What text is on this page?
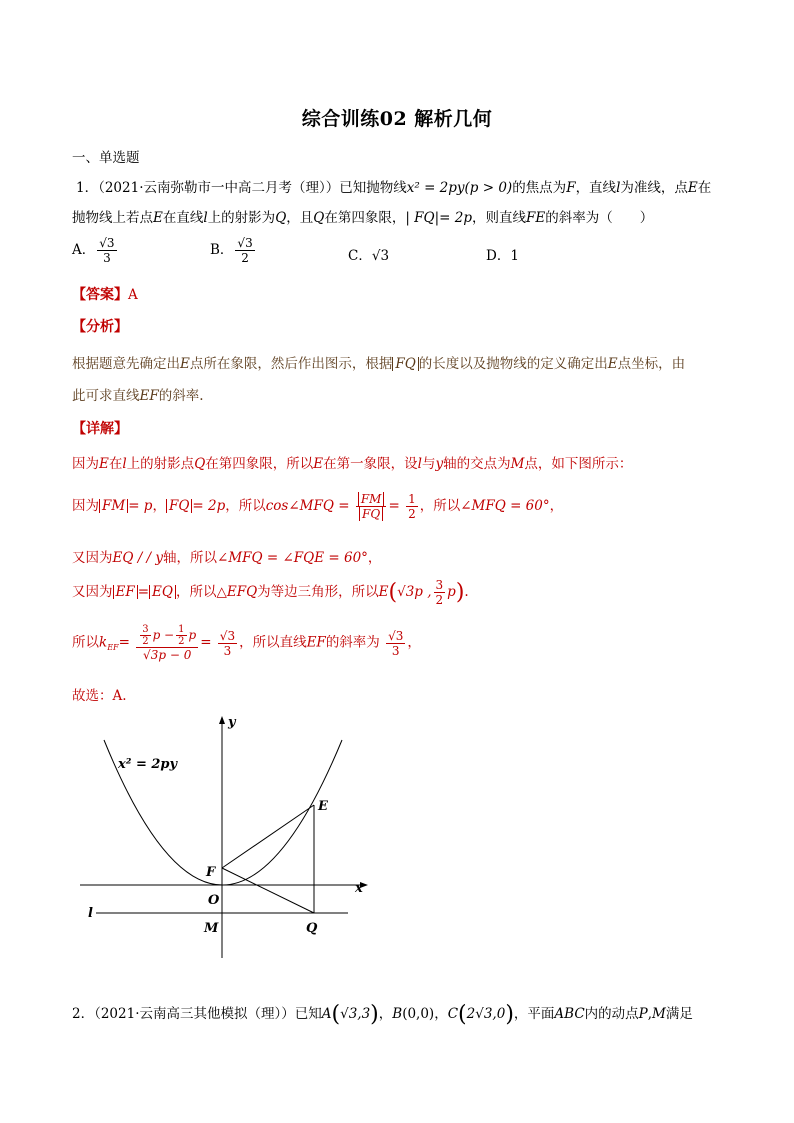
综合训练02 解析几何
一、单选题
1．（2021·云南弥勒市一中高二月考（理））已知抛物线x² = 2py(p > 0)的焦点为F，直线l为准线，点E在
抛物线上若点E在直线l上的射影为Q，且Q在第四象限，| FQ|= 2p，则直线FE的斜率为（　　）
A． $\frac{√3}{3}$	B． $\frac{√3}{2}$	C．√3	D．1
【答案】A
【分析】
根据题意先确定出E点所在象限，然后作出图示，根据 FQ 的长度以及抛物线的定义确定出E点坐标，由
此可求直线EF的斜率.
【详解】
因为E在l上的射影点Q在第四象限，所以E在第一象限，设l与y轴的交点为M点，如下图所示：
因为 FM = p， FQ = 2p，所以cos∠MFQ = $\frac{FM}{FQ} = \frac{1}{2}$ ，所以∠MFQ = 60°，
又因为EQ / / y轴，所以∠MFQ = ∠FQE = 60°，
又因为 EF = EQ ，所以△EFQ为等边三角形，所以E(√3p , $\frac{3}{2} p$).
所以$k_{EF}= \frac{\frac{3}{2} p - \frac{1}{2} p}{√3p - 0} = \frac{√3}{3}$ ，所以直线EF的斜率为 $\frac{√3}{3}$ ，
故选：A.
x² = 2py
x
y
E
F
O
M	Q
l
2．（2021·云南高三其他模拟（理））已知A(√3,3)，B(0,0)，C(2√3,0)，平面ABC内的动点P,M满足
